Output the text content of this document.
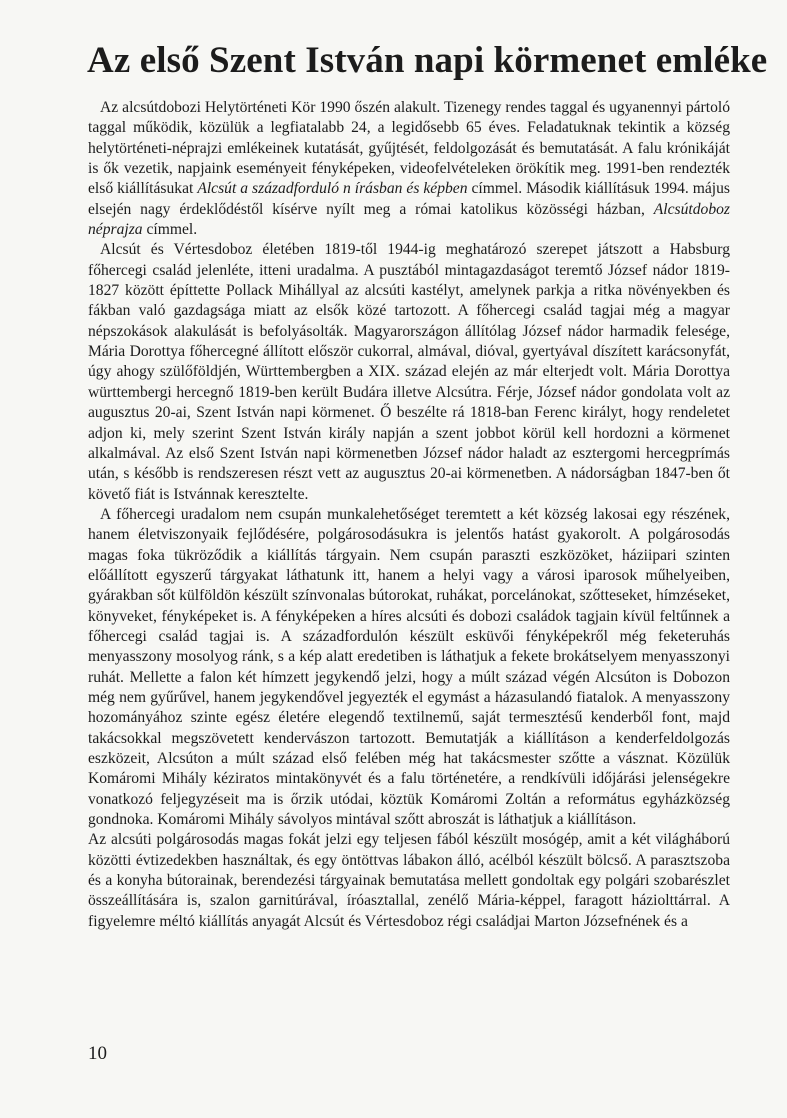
Az első Szent István napi körmenet emléke

Az alcsútdobozi Helytörténeti Kör 1990 őszén alakult. Tizenegy rendes taggal és ugyanennyi pártoló taggal működik, közülük a legfiatalabb 24, a legidősebb 65 éves. Feladatuknak tekintik a község helytörténeti-néprajzi emlékeinek kutatását, gyűjtését, feldolgozását és bemutatását. A falu krónikáját is ők vezetik, napjaink eseményeit fényképeken, videofelvételeken örökítik meg. 1991-ben rendezték első kiállításukat Alcsút a századforduló n írásban és képben címmel. Második kiállításuk 1994. május elsején nagy érdeklődéstől kísérve nyílt meg a római katolikus közösségi házban, Alcsútdoboz néprajza címmel.

Alcsút és Vértesdoboz életében 1819-től 1944-ig meghatározó szerepet játszott a Habsburg főhercegi család jelenléte, itteni uradalma. A pusztából mintagazdaságot teremtő József nádor 1819-1827 között építtette Pollack Mihállyal az alcsúti kastélyt, amelynek parkja a ritka növényekben és fákban való gazdagsága miatt az elsők közé tartozott. A főhercegi család tagjai még a magyar népszokások alakulását is befolyásolták. Magyarországon állítólag József nádor harmadik felesége, Mária Dorottya főhercegné állított először cukorral, almával, dióval, gyertyával díszített karácsonyfát, úgy ahogy szülőföldjén, Württembergben a XIX. század elején az már elterjedt volt. Mária Dorottya württembergi hercegnő 1819-ben került Budára illetve Alcsútra. Férje, József nádor gondolata volt az augusztus 20-ai, Szent István napi körmenet. Ő beszélte rá 1818-ban Ferenc királyt, hogy rendeletet adjon ki, mely szerint Szent István király napján a szent jobbot körül kell hordozni a körmenet alkalmával. Az első Szent István napi körmenetben József nádor haladt az esztergomi hercegprímás után, s később is rendszeresen részt vett az augusztus 20-ai körmenetben. A nádorságban 1847-ben őt követő fiát is Istvánnak keresztelte.

A főhercegi uradalom nem csupán munkalehetőséget teremtett a két község lakosai egy részének, hanem életviszonyaik fejlődésére, polgárosodásukra is jelentős hatást gyakorolt. A polgárosodás magas foka tükröződik a kiállítás tárgyain. Nem csupán paraszti eszközöket, háziipari szinten előállított egyszerű tárgyakat láthatunk itt, hanem a helyi vagy a városi iparosok műhelyeiben, gyárakban sőt külföldön készült színvonalas bútorokat, ruhákat, porcelánokat, szőtteseket, hímzéseket, könyveket, fényképeket is. A fényképeken a híres alcsúti és dobozi családok tagjain kívül feltűnnek a főhercegi család tagjai is. A századfordulón készült esküvői fényképekről még feketeruhás menyasszony mosolyog ránk, s a kép alatt eredetiben is láthatjuk a fekete brokátselyem menyasszonyi ruhát. Mellette a falon két hímzett jegykendő jelzi, hogy a múlt század végén Alcsúton is Dobozon még nem gyűrűvel, hanem jegykendővel jegyezték el egymást a házasulandó fiatalok. A menyasszony hozományához szinte egész életére elegendő textilnemű, saját termesztésű kenderből font, majd takácsokkal megszövetett kendervászon tartozott. Bemutatják a kiállításon a kenderfeldolgozás eszközeit, Alcsúton a múlt század első felében még hat takácsmester szőtte a vásznat. Közülük Komáromi Mihály kéziratos mintakönyvét és a falu történetére, a rendkívüli időjárási jelenségekre vonatkozó feljegyzéseit ma is őrzik utódai, köztük Komáromi Zoltán a református egyházközség gondnoka. Komáromi Mihály sávolyos mintával szőtt abroszát is láthatjuk a kiállításon.

Az alcsúti polgárosodás magas fokát jelzi egy teljesen fából készült mosógép, amit a két világháború közötti évtizedekben használtak, és egy öntöttvas lábakon álló, acélból készült bölcső. A parasztszoba és a konyha bútorainak, berendezési tárgyainak bemutatása mellett gondoltak egy polgári szobarészlet összeállítására is, szalon garnitúrával, íróasztallal, zenélő Mária-képpel, faragott háziolttárral. A figyelemre méltó kiállítás anyagát Alcsút és Vértesdoboz régi családjai Marton Józsefnének és a

10
